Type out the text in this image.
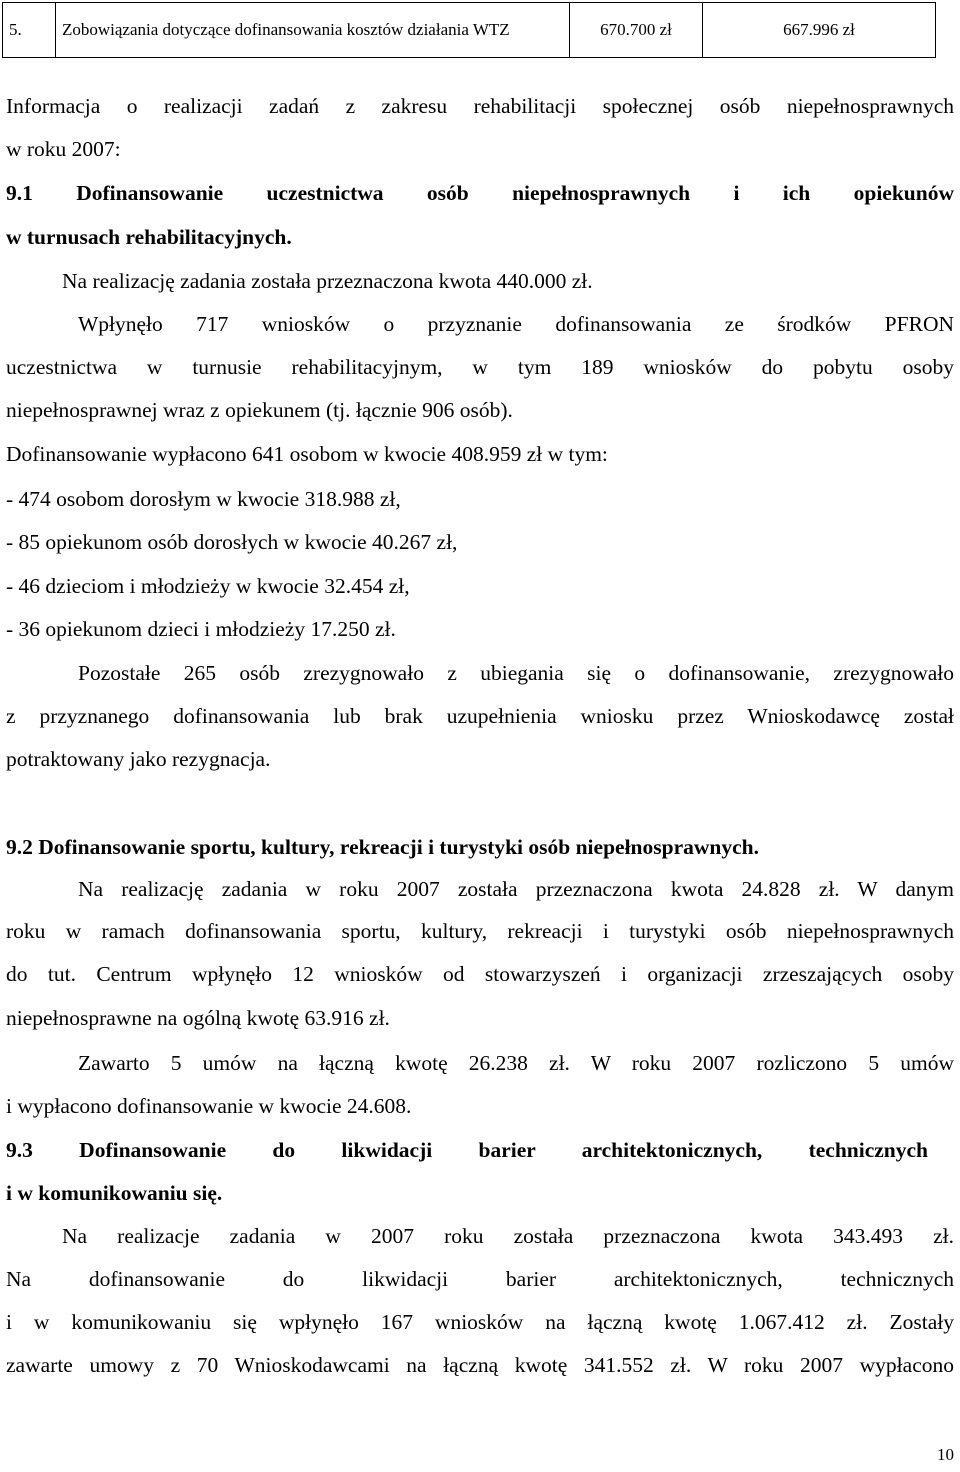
5.	Zobowiązania dotyczące dofinansowania kosztów działania WTZ	670.700 zł	667.996 zł
Informacja o realizacji zadań z zakresu rehabilitacji społecznej osób niepełnosprawnych
w roku 2007:
9.1 Dofinansowanie uczestnictwa osób niepełnosprawnych i ich opiekunów
w turnusach rehabilitacyjnych.
Na realizację zadania została przeznaczona kwota 440.000 zł.
Wpłynęło 717 wniosków o przyznanie dofinansowania ze środków PFRON
uczestnictwa w turnusie rehabilitacyjnym, w tym 189 wniosków do pobytu osoby
niepełnosprawnej wraz z opiekunem (tj. łącznie 906 osób).
Dofinansowanie wypłacono 641 osobom w kwocie 408.959 zł w tym:
- 474 osobom dorosłym w kwocie 318.988 zł,
- 85 opiekunom osób dorosłych w kwocie 40.267 zł,
- 46 dzieciom i młodzieży w kwocie 32.454 zł,
- 36 opiekunom dzieci i młodzieży 17.250 zł.
Pozostałe 265 osób zrezygnowało z ubiegania się o dofinansowanie, zrezygnowało
z przyznanego dofinansowania lub brak uzupełnienia wniosku przez Wnioskodawcę został
potraktowany jako rezygnacja.
9.2 Dofinansowanie sportu, kultury, rekreacji i turystyki osób niepełnosprawnych.
Na realizację zadania w roku 2007 została przeznaczona kwota 24.828 zł. W danym
roku w ramach dofinansowania sportu, kultury, rekreacji i turystyki osób niepełnosprawnych
do tut. Centrum wpłynęło 12 wniosków od stowarzyszeń i organizacji zrzeszających osoby
niepełnosprawne na ogólną kwotę 63.916 zł.
Zawarto 5 umów na łączną kwotę 26.238 zł. W roku 2007 rozliczono 5 umów
i wypłacono dofinansowanie w kwocie 24.608.
9.3 Dofinansowanie do likwidacji barier architektonicznych, technicznych
i w komunikowaniu się.
Na realizacje zadania w 2007 roku została przeznaczona kwota 343.493 zł.
Na dofinansowanie do likwidacji barier architektonicznych, technicznych
i w komunikowaniu się wpłynęło 167 wniosków na łączną kwotę 1.067.412 zł. Zostały
zawarte umowy z 70 Wnioskodawcami na łączną kwotę 341.552 zł. W roku 2007 wypłacono
10
